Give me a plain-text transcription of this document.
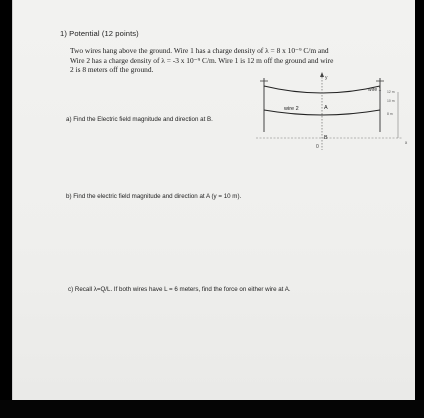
1) Potential (12 points)
Two wires hang above the ground. Wire 1 has a charge density of λ = 8 x 10⁻⁹ C/m and
Wire 2 has a charge density of λ = -3 x 10⁻⁹ C/m. Wire 1 is 12 m off the ground and wire
2 is 8 meters off the ground.
a) Find the Electric field magnitude and direction at B.
b) Find the electric field magnitude and direction at A (y = 10 m).
c) Recall λ=Q/L. If both wires have L = 6 meters, find the force on either wire at A.
wire 1
wire 2	A
B
y
x
0
12 m
10 m
8 m
